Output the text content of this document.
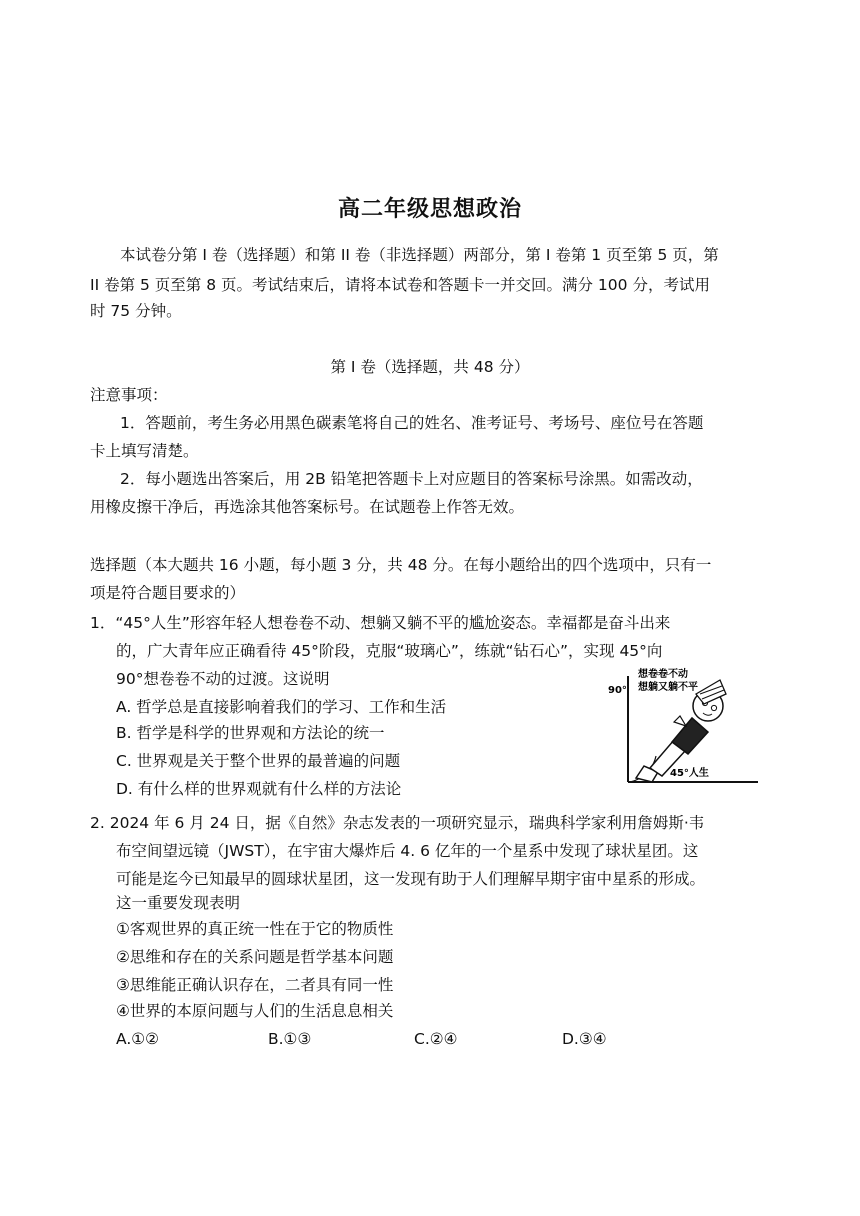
高二年级思想政治
本试卷分第 I 卷（选择题）和第 II 卷（非选择题）两部分，第 I 卷第 1 页至第 5 页，第
II 卷第 5 页至第 8 页。考试结束后，请将本试卷和答题卡一并交回。满分 100 分，考试用
时 75 分钟。
第 I 卷（选择题，共 48 分）
注意事项：
1．答题前，考生务必用黑色碳素笔将自己的姓名、准考证号、考场号、座位号在答题
卡上填写清楚。
2．每小题选出答案后，用 2B 铅笔把答题卡上对应题目的答案标号涂黑。如需改动，
用橡皮擦干净后，再选涂其他答案标号。在试题卷上作答无效。
选择题（本大题共 16 小题，每小题 3 分，共 48 分。在每小题给出的四个选项中，只有一
项是符合题目要求的）
1．“45°人生”形容年轻人想卷卷不动、想躺又躺不平的尴尬姿态。幸福都是奋斗出来
的，广大青年应正确看待 45°阶段，克服“玻璃心”，练就“钻石心”，实现 45°向
90°想卷卷不动的过渡。这说明
A. 哲学总是直接影响着我们的学习、工作和生活
B. 哲学是科学的世界观和方法论的统一
C. 世界观是关于整个世界的最普遍的问题
D. 有什么样的世界观就有什么样的方法论
90°
想卷卷不动
想躺又躺不平
45°人生
2. 2024 年 6 月 24 日，据《自然》杂志发表的一项研究显示，瑞典科学家利用詹姆斯·韦
布空间望远镜（JWST），在宇宙大爆炸后 4. 6 亿年的一个星系中发现了球状星团。这
可能是迄今已知最早的圆球状星团，这一发现有助于人们理解早期宇宙中星系的形成。
这一重要发现表明
①客观世界的真正统一性在于它的物质性
②思维和存在的关系问题是哲学基本问题
③思维能正确认识存在，二者具有同一性
④世界的本原问题与人们的生活息息相关
A.①②	B.①③	C.②④	D.③④
